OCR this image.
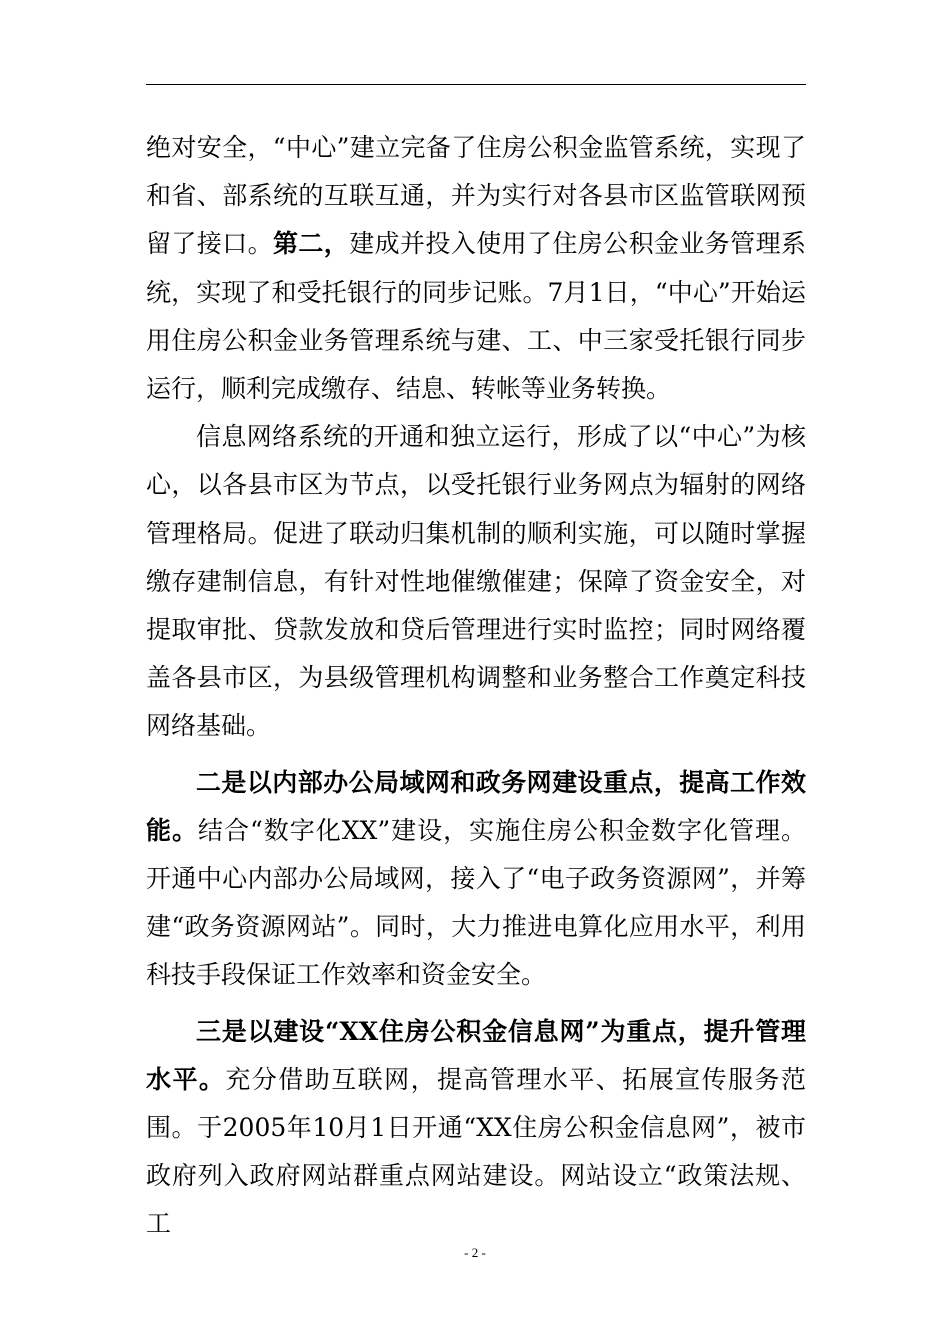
绝对安全，“中心”建立完备了住房公积金监管系统，实现了和省、部系统的互联互通，并为实行对各县市区监管联网预留了接口。第二，建成并投入使用了住房公积金业务管理系统，实现了和受托银行的同步记账。7月1日，“中心”开始运用住房公积金业务管理系统与建、工、中三家受托银行同步运行，顺利完成缴存、结息、转帐等业务转换。

信息网络系统的开通和独立运行，形成了以“中心”为核心，以各县市区为节点，以受托银行业务网点为辐射的网络管理格局。促进了联动归集机制的顺利实施，可以随时掌握缴存建制信息，有针对性地催缴催建；保障了资金安全，对提取审批、贷款发放和贷后管理进行实时监控；同时网络覆盖各县市区，为县级管理机构调整和业务整合工作奠定科技网络基础。

二是以内部办公局域网和政务网建设重点，提高工作效能。结合“数字化XX”建设，实施住房公积金数字化管理。开通中心内部办公局域网，接入了“电子政务资源网”，并筹建“政务资源网站”。同时，大力推进电算化应用水平，利用科技手段保证工作效率和资金安全。

三是以建设“XX住房公积金信息网”为重点，提升管理水平。充分借助互联网，提高管理水平、拓展宣传服务范围。于2005年10月1日开通“XX住房公积金信息网”，被市政府列入政府网站群重点网站建设。网站设立“政策法规、工

- 2 -
